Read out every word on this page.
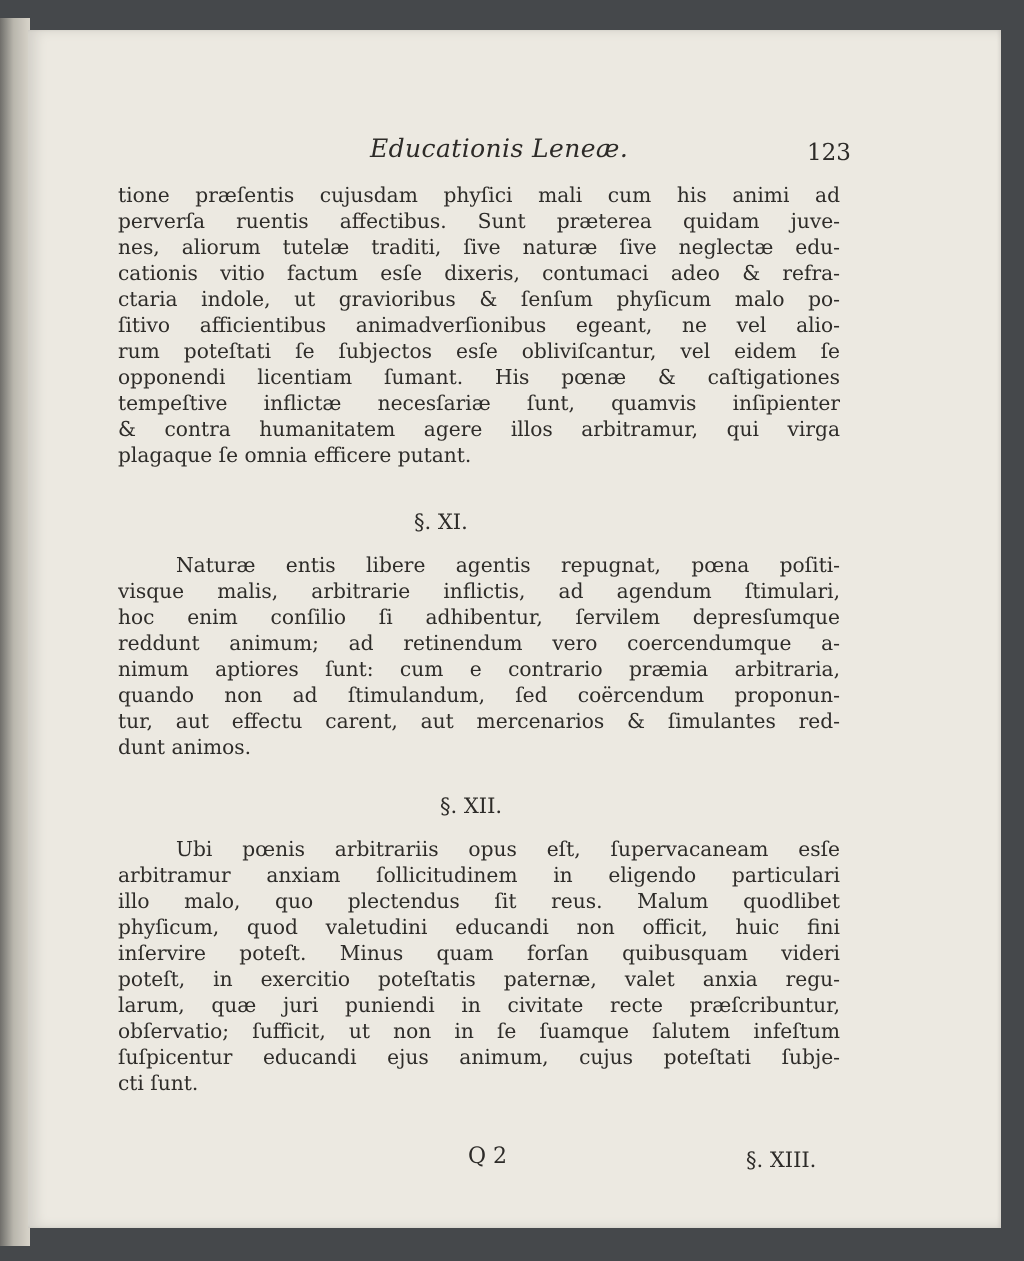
Educationis Leneæ.	123
tione præſentis cujusdam phyſici mali cum his animi ad
perverſa ruentis affectibus. Sunt præterea quidam juve-
nes, aliorum tutelæ traditi, ſive naturæ ſive neglectæ edu-
cationis vitio factum esſe dixeris, contumaci adeo & refra-
ctaria indole, ut gravioribus & ſenſum phyſicum malo po-
ſitivo afficientibus animadverſionibus egeant, ne vel alio-
rum poteſtati ſe ſubjectos esſe obliviſcantur, vel eidem ſe
opponendi licentiam ſumant. His pœnæ & caſtigationes
tempeſtive inflictæ necesſariæ ſunt, quamvis inſipienter
& contra humanitatem agere illos arbitramur, qui virga
plagaque ſe omnia efficere putant.
§. XI.
Naturæ entis libere agentis repugnat, pœna poſiti-
visque malis, arbitrarie inflictis, ad agendum ſtimulari,
hoc enim conſilio ſi adhibentur, ſervilem depresſumque
reddunt animum; ad retinendum vero coercendumque a-
nimum aptiores ſunt: cum e contrario præmia arbitraria,
quando non ad ſtimulandum, ſed coërcendum proponun-
tur, aut effectu carent, aut mercenarios & ſimulantes red-
dunt animos.
§. XII.
Ubi pœnis arbitrariis opus eſt, ſupervacaneam esſe
arbitramur anxiam ſollicitudinem in eligendo particulari
illo malo, quo plectendus ſit reus. Malum quodlibet
phyſicum, quod valetudini educandi non officit, huic fini
inſervire poteſt. Minus quam forſan quibusquam videri
poteſt, in exercitio poteſtatis paternæ, valet anxia regu-
larum, quæ juri puniendi in civitate recte præſcribuntur,
obſervatio; ſufficit, ut non in ſe ſuamque ſalutem infeſtum
ſuſpicentur educandi ejus animum, cujus poteſtati ſubje-
cti ſunt.
Q 2	§. XIII.
